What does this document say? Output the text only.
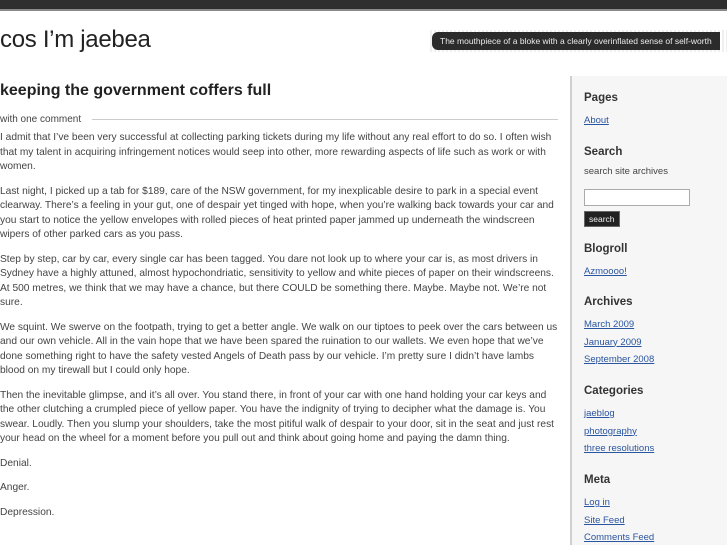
cos I’m jaebea	The mouthpiece of a bloke with a clearly overinflated sense of self-worth
keeping the government coffers full
with one comment

I admit that I’ve been very successful at collecting parking tickets during my life without any real effort to do so. I often wish that my talent in acquiring infringement notices would seep into other, more rewarding aspects of life such as work or with women.

Last night, I picked up a tab for $189, care of the NSW government, for my inexplicable desire to park in a special event clearway. There’s a feeling in your gut, one of despair yet tinged with hope, when you’re walking back towards your car and you start to notice the yellow envelopes with rolled pieces of heat printed paper jammed up underneath the windscreen wipers of other parked cars as you pass.

Step by step, car by car, every single car has been tagged. You dare not look up to where your car is, as most drivers in Sydney have a highly attuned, almost hypochondriatic, sensitivity to yellow and white pieces of paper on their windscreens. At 500 metres, we think that we may have a chance, but there COULD be something there. Maybe. Maybe not. We’re not sure.

We squint. We swerve on the footpath, trying to get a better angle. We walk on our tiptoes to peek over the cars between us and our own vehicle. All in the vain hope that we have been spared the ruination to our wallets. We even hope that we’ve done something right to have the safety vested Angels of Death pass by our vehicle. I’m pretty sure I didn’t have lambs blood on my tirewall but I could only hope.

Then the inevitable glimpse, and it’s all over. You stand there, in front of your car with one hand holding your car keys and the other clutching a crumpled piece of yellow paper. You have the indignity of trying to decipher what the damage is. You swear. Loudly. Then you slump your shoulders, take the most pitiful walk of despair to your door, sit in the seat and just rest your head on the wheel for a moment before you pull out and think about going home and paying the damn thing.

Denial.

Anger.

Depression.

Pages
About
Search
search site archives
search
Blogroll
Azmoooo!
Archives
March 2009
January 2009
September 2008
Categories
jaeblog
photography
three resolutions
Meta
Log in
Site Feed
Comments Feed
